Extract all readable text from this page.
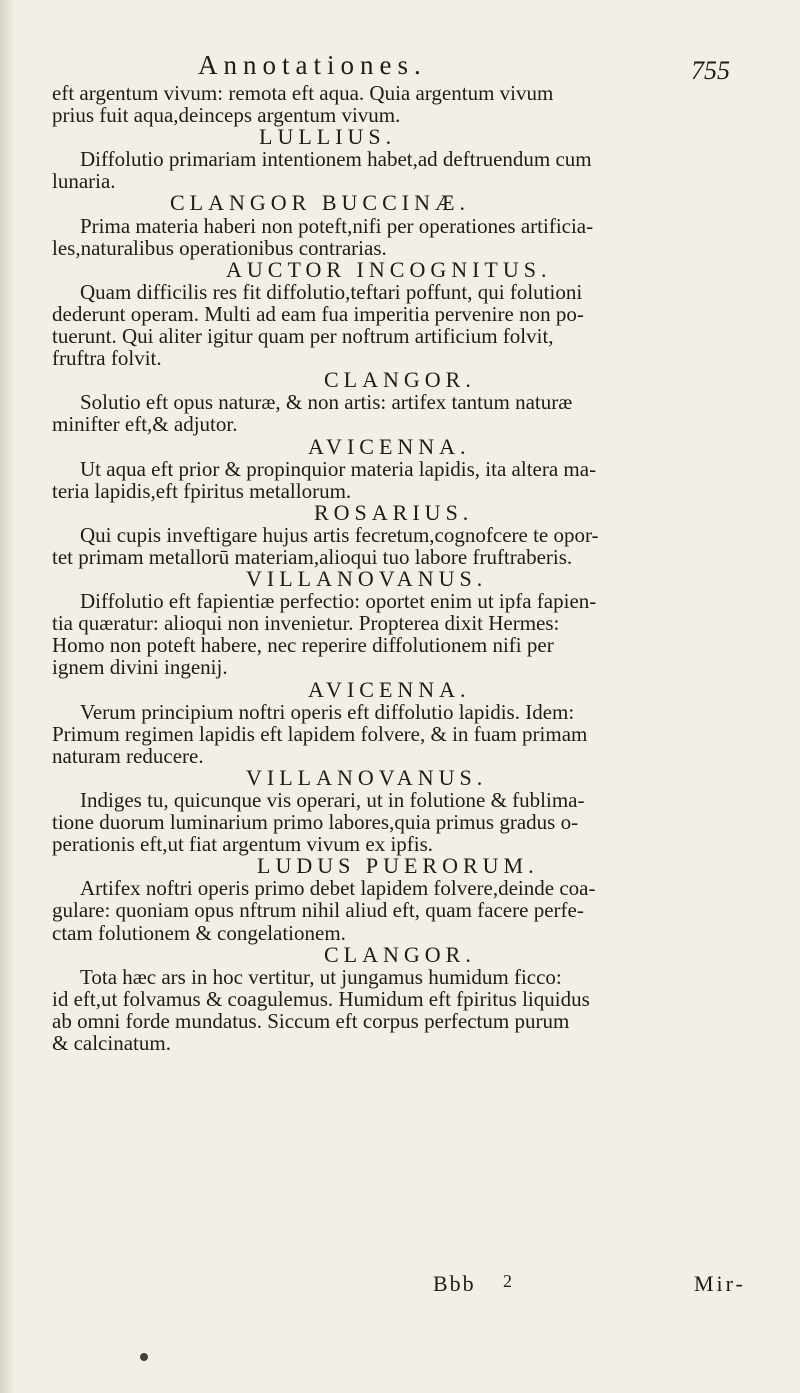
Annotationes.	755

eft argentum vivum: remota eft aqua. Quia argentum vivum

prius fuit aqua,deinceps argentum vivum.

LULLIUS.

Diffolutio primariam intentionem habet,ad deftruendum cum

lunaria.

CLANGOR BUCCINÆ.

Prima materia haberi non poteft,nifi per operationes artificia-

les,naturalibus operationibus contrarias.

AUCTOR INCOGNITUS.

Quam difficilis res fit diffolutio,teftari poffunt, qui folutioni

dederunt operam. Multi ad eam fua imperitia pervenire non po-

tuerunt. Qui aliter igitur quam per noftrum artificium folvit,

fruftra folvit.

CLANGOR.

Solutio eft opus naturæ, & non artis: artifex tantum naturæ

minifter eft,& adjutor.

AVICENNA.

Ut aqua eft prior & propinquior materia lapidis, ita altera ma-

teria lapidis,eft fpiritus metallorum.

ROSARIUS.

Qui cupis inveftigare hujus artis fecretum,cognofcere te opor-

tet primam metallorū materiam,alioqui tuo labore fruftraberis.

VILLANOVANUS.

Diffolutio eft fapientiæ perfectio: oportet enim ut ipfa fapien-

tia quæratur: alioqui non invenietur. Propterea dixit Hermes:

Homo non poteft habere, nec reperire diffolutionem nifi per

ignem divini ingenij.

AVICENNA.

Verum principium noftri operis eft diffolutio lapidis. Idem:

Primum regimen lapidis eft lapidem folvere, & in fuam primam

naturam reducere.

VILLANOVANUS.

Indiges tu, quicunque vis operari, ut in folutione & fublima-

tione duorum luminarium primo labores,quia primus gradus o-

perationis eft,ut fiat argentum vivum ex ipfis.

LUDUS PUERORUM.

Artifex noftri operis primo debet lapidem folvere,deinde coa-

gulare: quoniam opus nftrum nihil aliud eft, quam facere perfe-

ctam folutionem & congelationem.

CLANGOR.

Tota hæc ars in hoc vertitur, ut jungamus humidum ficco:

id eft,ut folvamus & coagulemus. Humidum eft fpiritus liquidus

ab omni forde mundatus. Siccum eft corpus perfectum purum

& calcinatum.

Bbb 2	Mir-
